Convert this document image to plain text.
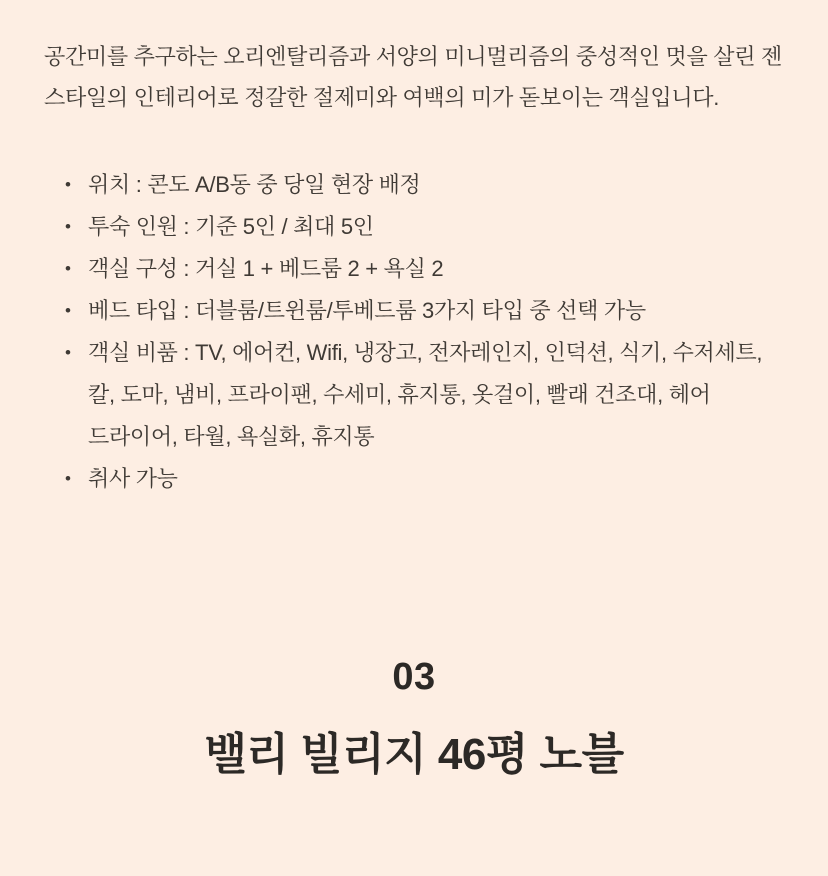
공간미를 추구하는 오리엔탈리즘과 서양의 미니멀리즘의 중성적인 멋을 살린 젠 스타일의 인테리어로 정갈한 절제미와 여백의 미가 돋보이는 객실입니다.

• 위치 : 콘도 A/B동 중 당일 현장 배정
• 투숙 인원 : 기준 5인 / 최대 5인
• 객실 구성 : 거실 1 + 베드룸 2 + 욕실 2
• 베드 타입 : 더블룸/트윈룸/투베드룸 3가지 타입 중 선택 가능
• 객실 비품 : TV, 에어컨, Wifi, 냉장고, 전자레인지, 인덕션, 식기, 수저세트, 칼, 도마, 냄비, 프라이팬, 수세미, 휴지통, 옷걸이, 빨래 건조대, 헤어 드라이어, 타월, 욕실화, 휴지통
• 취사 가능
03
밸리 빌리지 46평 노블
